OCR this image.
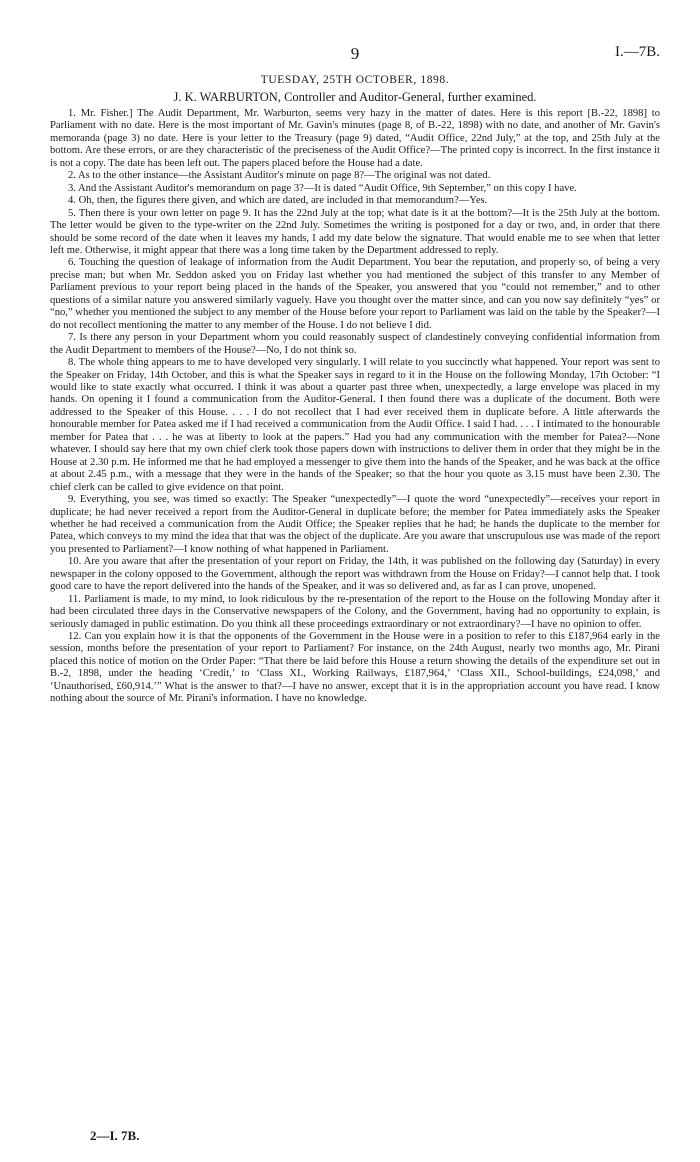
9	I.—7B.
TUESDAY, 25TH OCTOBER, 1898.
J. K. WARBURTON, Controller and Auditor-General, further examined.

1. Mr. Fisher.] The Audit Department, Mr. Warburton, seems very hazy in the matter of dates. Here is this report [B.-22, 1898] to Parliament with no date. Here is the most important of Mr. Gavin's minutes (page 8, of B.-22, 1898) with no date, and another of Mr. Gavin's memoranda (page 3) no date. Here is your letter to the Treasury (page 9) dated, “Audit Office, 22nd July,” at the top, and 25th July at the bottom. Are these errors, or are they characteristic of the preciseness of the Audit Office?—The printed copy is incorrect. In the first instance it is not a copy. The date has been left out. The papers placed before the House had a date.

2. As to the other instance—the Assistant Auditor's minute on page 8?—The original was not dated.

3. And the Assistant Auditor's memorandum on page 3?—It is dated “Audit Office, 9th September,” on this copy I have.

4. Oh, then, the figures there given, and which are dated, are included in that memorandum?—Yes.

5. Then there is your own letter on page 9. It has the 22nd July at the top; what date is it at the bottom?—It is the 25th July at the bottom. The letter would be given to the type-writer on the 22nd July. Sometimes the writing is postponed for a day or two, and, in order that there should be some record of the date when it leaves my hands, I add my date below the signature. That would enable me to see when that letter left me. Otherwise, it might appear that there was a long time taken by the Department addressed to reply.

6. Touching the question of leakage of information from the Audit Department. You bear the reputation, and properly so, of being a very precise man; but when Mr. Seddon asked you on Friday last whether you had mentioned the subject of this transfer to any Member of Parliament previous to your report being placed in the hands of the Speaker, you answered that you “could not remember,” and to other questions of a similar nature you answered similarly vaguely. Have you thought over the matter since, and can you now say definitely “yes” or “no,” whether you mentioned the subject to any member of the House before your report to Parliament was laid on the table by the Speaker?—I do not recollect mentioning the matter to any member of the House. I do not believe I did.

7. Is there any person in your Department whom you could reasonably suspect of clandestinely conveying confidential information from the Audit Department to members of the House?—No, I do not think so.

8. The whole thing appears to me to have developed very singularly. I will relate to you succinctly what happened. Your report was sent to the Speaker on Friday, 14th October, and this is what the Speaker says in regard to it in the House on the following Monday, 17th October: “I would like to state exactly what occurred. I think it was about a quarter past three when, unexpectedly, a large envelope was placed in my hands. On opening it I found a communication from the Auditor-General. I then found there was a duplicate of the document. Both were addressed to the Speaker of this House. . . . I do not recollect that I had ever received them in duplicate before. A little afterwards the honourable member for Patea asked me if I had received a communication from the Audit Office. I said I had. . . . I intimated to the honourable member for Patea that . . . he was at liberty to look at the papers.” Had you had any communication with the member for Patea?—None whatever. I should say here that my own chief clerk took those papers down with instructions to deliver them in order that they might be in the House at 2.30 p.m. He informed me that he had employed a messenger to give them into the hands of the Speaker, and he was back at the office at about 2.45 p.m., with a message that they were in the hands of the Speaker; so that the hour you quote as 3.15 must have been 2.30. The chief clerk can be called to give evidence on that point.

9. Everything, you see, was timed so exactly: The Speaker “unexpectedly”—I quote the word “unexpectedly”—receives your report in duplicate; he had never received a report from the Auditor-General in duplicate before; the member for Patea immediately asks the Speaker whether he had received a communication from the Audit Office; the Speaker replies that he had; he hands the duplicate to the member for Patea, which conveys to my mind the idea that that was the object of the duplicate. Are you aware that unscrupulous use was made of the report you presented to Parliament?—I know nothing of what happened in Parliament.

10. Are you aware that after the presentation of your report on Friday, the 14th, it was published on the following day (Saturday) in every newspaper in the colony opposed to the Government, although the report was withdrawn from the House on Friday?—I cannot help that. I took good care to have the report delivered into the hands of the Speaker, and it was so delivered and, as far as I can prove, unopened.

11. Parliament is made, to my mind, to look ridiculous by the re-presentation of the report to the House on the following Monday after it had been circulated three days in the Conservative newspapers of the Colony, and the Government, having had no opportunity to explain, is seriously damaged in public estimation. Do you think all these proceedings extraordinary or not extraordinary?—I have no opinion to offer.

12. Can you explain how it is that the opponents of the Government in the House were in a position to refer to this £187,964 early in the session, months before the presentation of your report to Parliament? For instance, on the 24th August, nearly two months ago, Mr. Pirani placed this notice of motion on the Order Paper: “That there be laid before this House a return showing the details of the expenditure set out in B.-2, 1898, under the heading ‘Credit,’ to ‘Class XI., Working Railways, £187,964,’ ‘Class XII., School-buildings, £24,098,’ and ‘Unauthorised, £60,914.’” What is the answer to that?—I have no answer, except that it is in the appropriation account you have read. I know nothing about the source of Mr. Pirani's information. I have no knowledge.

2—I. 7B.
